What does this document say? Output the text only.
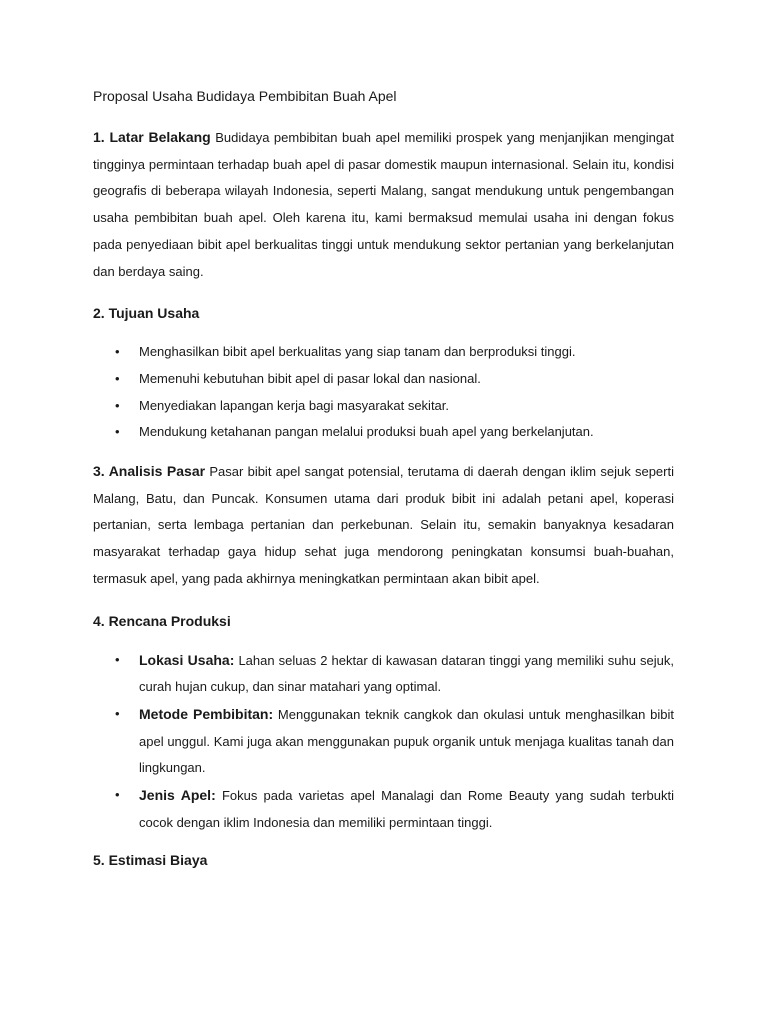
Proposal Usaha Budidaya Pembibitan Buah Apel

1. Latar Belakang Budidaya pembibitan buah apel memiliki prospek yang menjanjikan mengingat tingginya permintaan terhadap buah apel di pasar domestik maupun internasional. Selain itu, kondisi geografis di beberapa wilayah Indonesia, seperti Malang, sangat mendukung untuk pengembangan usaha pembibitan buah apel. Oleh karena itu, kami bermaksud memulai usaha ini dengan fokus pada penyediaan bibit apel berkualitas tinggi untuk mendukung sektor pertanian yang berkelanjutan dan berdaya saing.

2. Tujuan Usaha
• Menghasilkan bibit apel berkualitas yang siap tanam dan berproduksi tinggi.
• Memenuhi kebutuhan bibit apel di pasar lokal dan nasional.
• Menyediakan lapangan kerja bagi masyarakat sekitar.
• Mendukung ketahanan pangan melalui produksi buah apel yang berkelanjutan.

3. Analisis Pasar Pasar bibit apel sangat potensial, terutama di daerah dengan iklim sejuk seperti Malang, Batu, dan Puncak. Konsumen utama dari produk bibit ini adalah petani apel, koperasi pertanian, serta lembaga pertanian dan perkebunan. Selain itu, semakin banyaknya kesadaran masyarakat terhadap gaya hidup sehat juga mendorong peningkatan konsumsi buah-buahan, termasuk apel, yang pada akhirnya meningkatkan permintaan akan bibit apel.

4. Rencana Produksi
• Lokasi Usaha: Lahan seluas 2 hektar di kawasan dataran tinggi yang memiliki suhu sejuk, curah hujan cukup, dan sinar matahari yang optimal.
• Metode Pembibitan: Menggunakan teknik cangkok dan okulasi untuk menghasilkan bibit apel unggul. Kami juga akan menggunakan pupuk organik untuk menjaga kualitas tanah dan lingkungan.
• Jenis Apel: Fokus pada varietas apel Manalagi dan Rome Beauty yang sudah terbukti cocok dengan iklim Indonesia dan memiliki permintaan tinggi.
5. Estimasi Biaya
